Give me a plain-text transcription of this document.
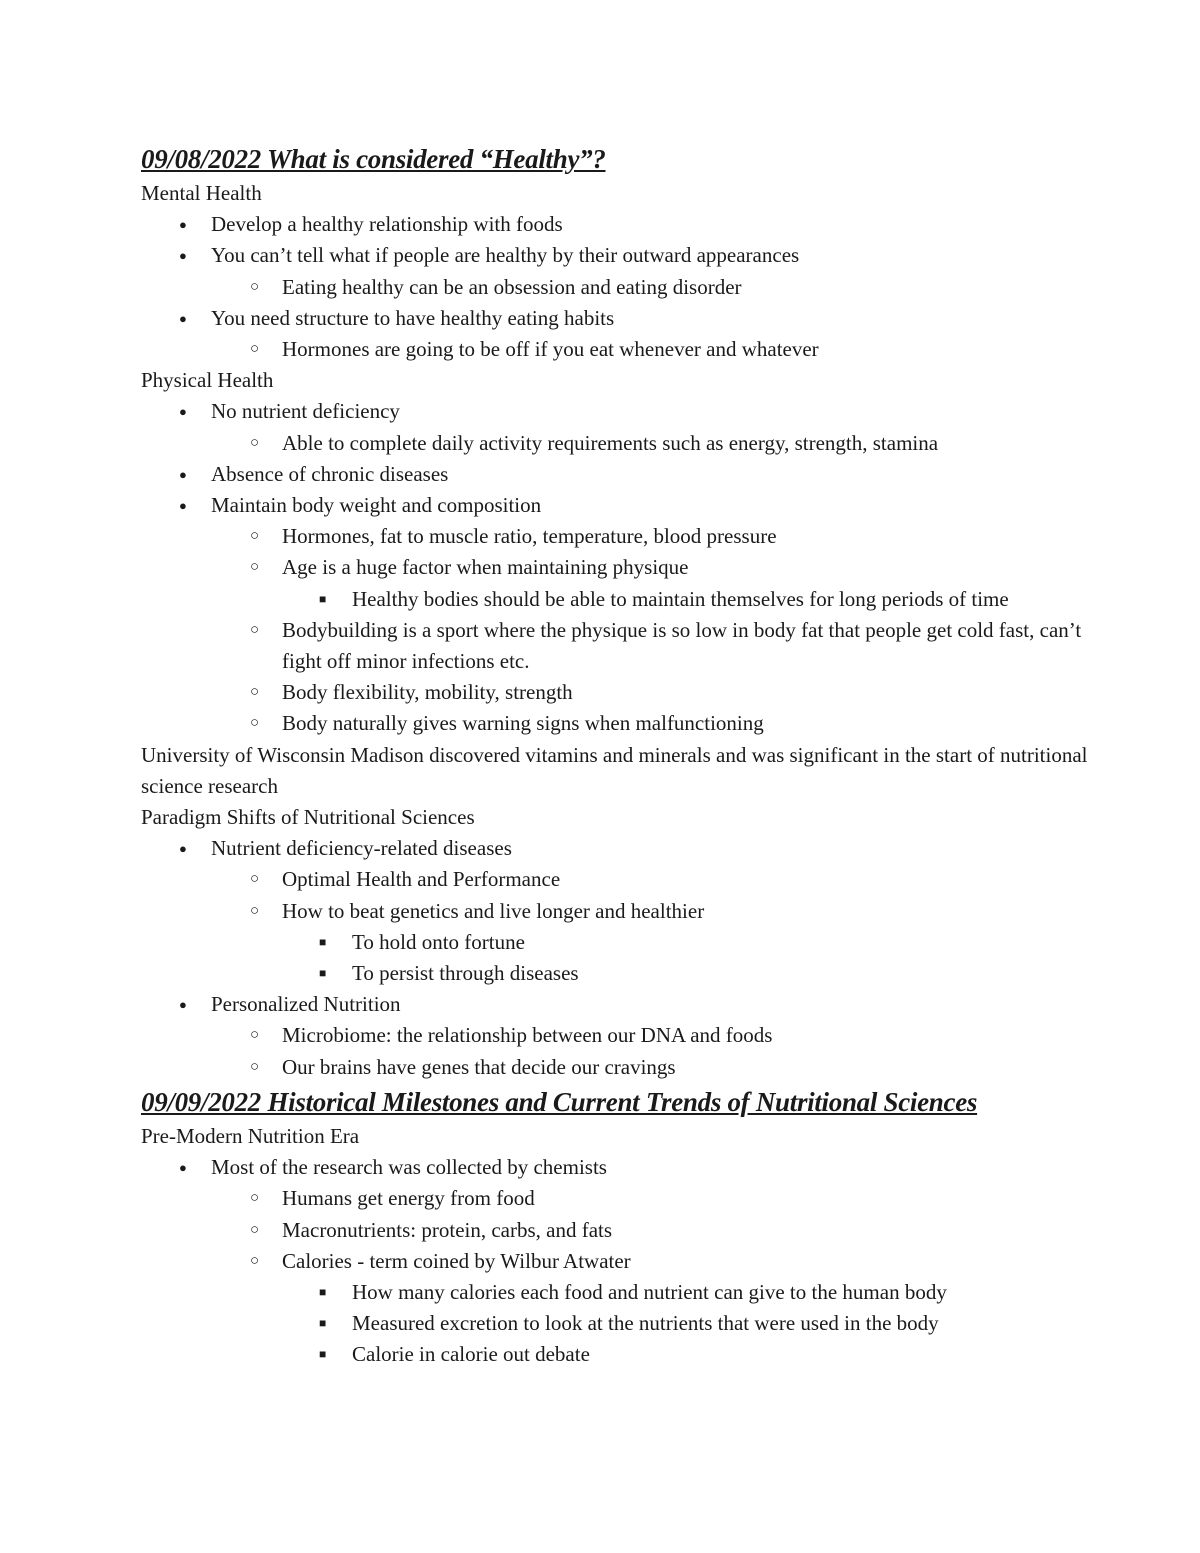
09/08/2022 What is considered “Healthy”?
Mental Health
● Develop a healthy relationship with foods
● You can’t tell what if people are healthy by their outward appearances
○ Eating healthy can be an obsession and eating disorder
● You need structure to have healthy eating habits
○ Hormones are going to be off if you eat whenever and whatever
Physical Health
● No nutrient deficiency
○ Able to complete daily activity requirements such as energy, strength, stamina
● Absence of chronic diseases
● Maintain body weight and composition
○ Hormones, fat to muscle ratio, temperature, blood pressure
○ Age is a huge factor when maintaining physique
■ Healthy bodies should be able to maintain themselves for long periods of time
○ Bodybuilding is a sport where the physique is so low in body fat that people get cold fast, can’t fight off minor infections etc.
○ Body flexibility, mobility, strength
○ Body naturally gives warning signs when malfunctioning
University of Wisconsin Madison discovered vitamins and minerals and was significant in the start of nutritional science research
Paradigm Shifts of Nutritional Sciences
● Nutrient deficiency-related diseases
○ Optimal Health and Performance
○ How to beat genetics and live longer and healthier
■ To hold onto fortune
■ To persist through diseases
● Personalized Nutrition
○ Microbiome: the relationship between our DNA and foods
○ Our brains have genes that decide our cravings
09/09/2022 Historical Milestones and Current Trends of Nutritional Sciences
Pre-Modern Nutrition Era
● Most of the research was collected by chemists
○ Humans get energy from food
○ Macronutrients: protein, carbs, and fats
○ Calories - term coined by Wilbur Atwater
■ How many calories each food and nutrient can give to the human body
■ Measured excretion to look at the nutrients that were used in the body
■ Calorie in calorie out debate
